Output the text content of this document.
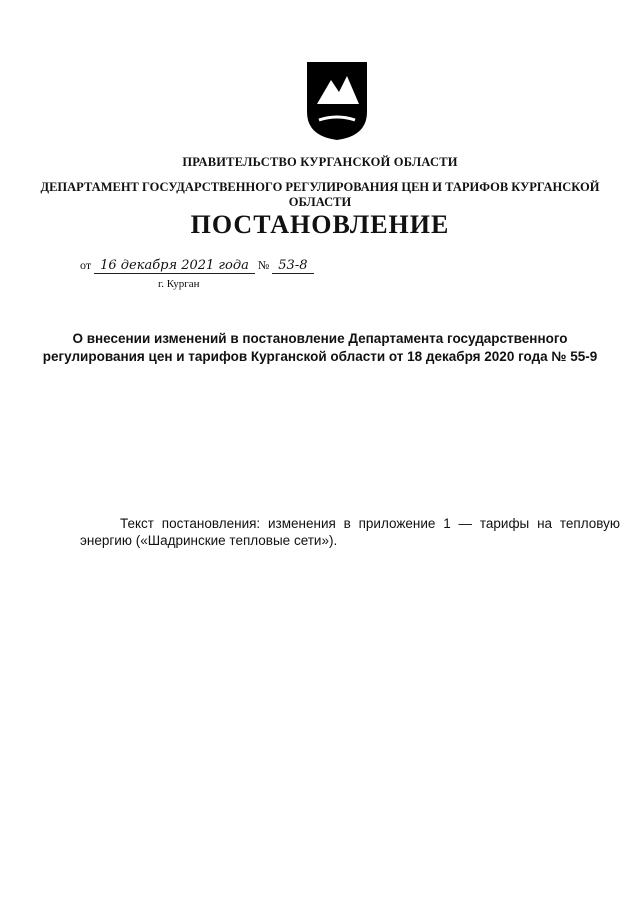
ПРАВИТЕЛЬСТВО КУРГАНСКОЙ ОБЛАСТИ
ДЕПАРТАМЕНТ ГОСУДАРСТВЕННОГО РЕГУЛИРОВАНИЯ ЦЕН И ТАРИФОВ КУРГАНСКОЙ ОБЛАСТИ
ПОСТАНОВЛЕНИЕ
от 16 декабря 2021 года № 53-8
г. Курган
О внесении изменений в постановление Департамента государственного регулирования цен и тарифов Курганской области от 18 декабря 2020 года № 55-9

Текст постановления: изменения в приложение 1 — тарифы на тепловую энергию («Шадринские тепловые сети»).
